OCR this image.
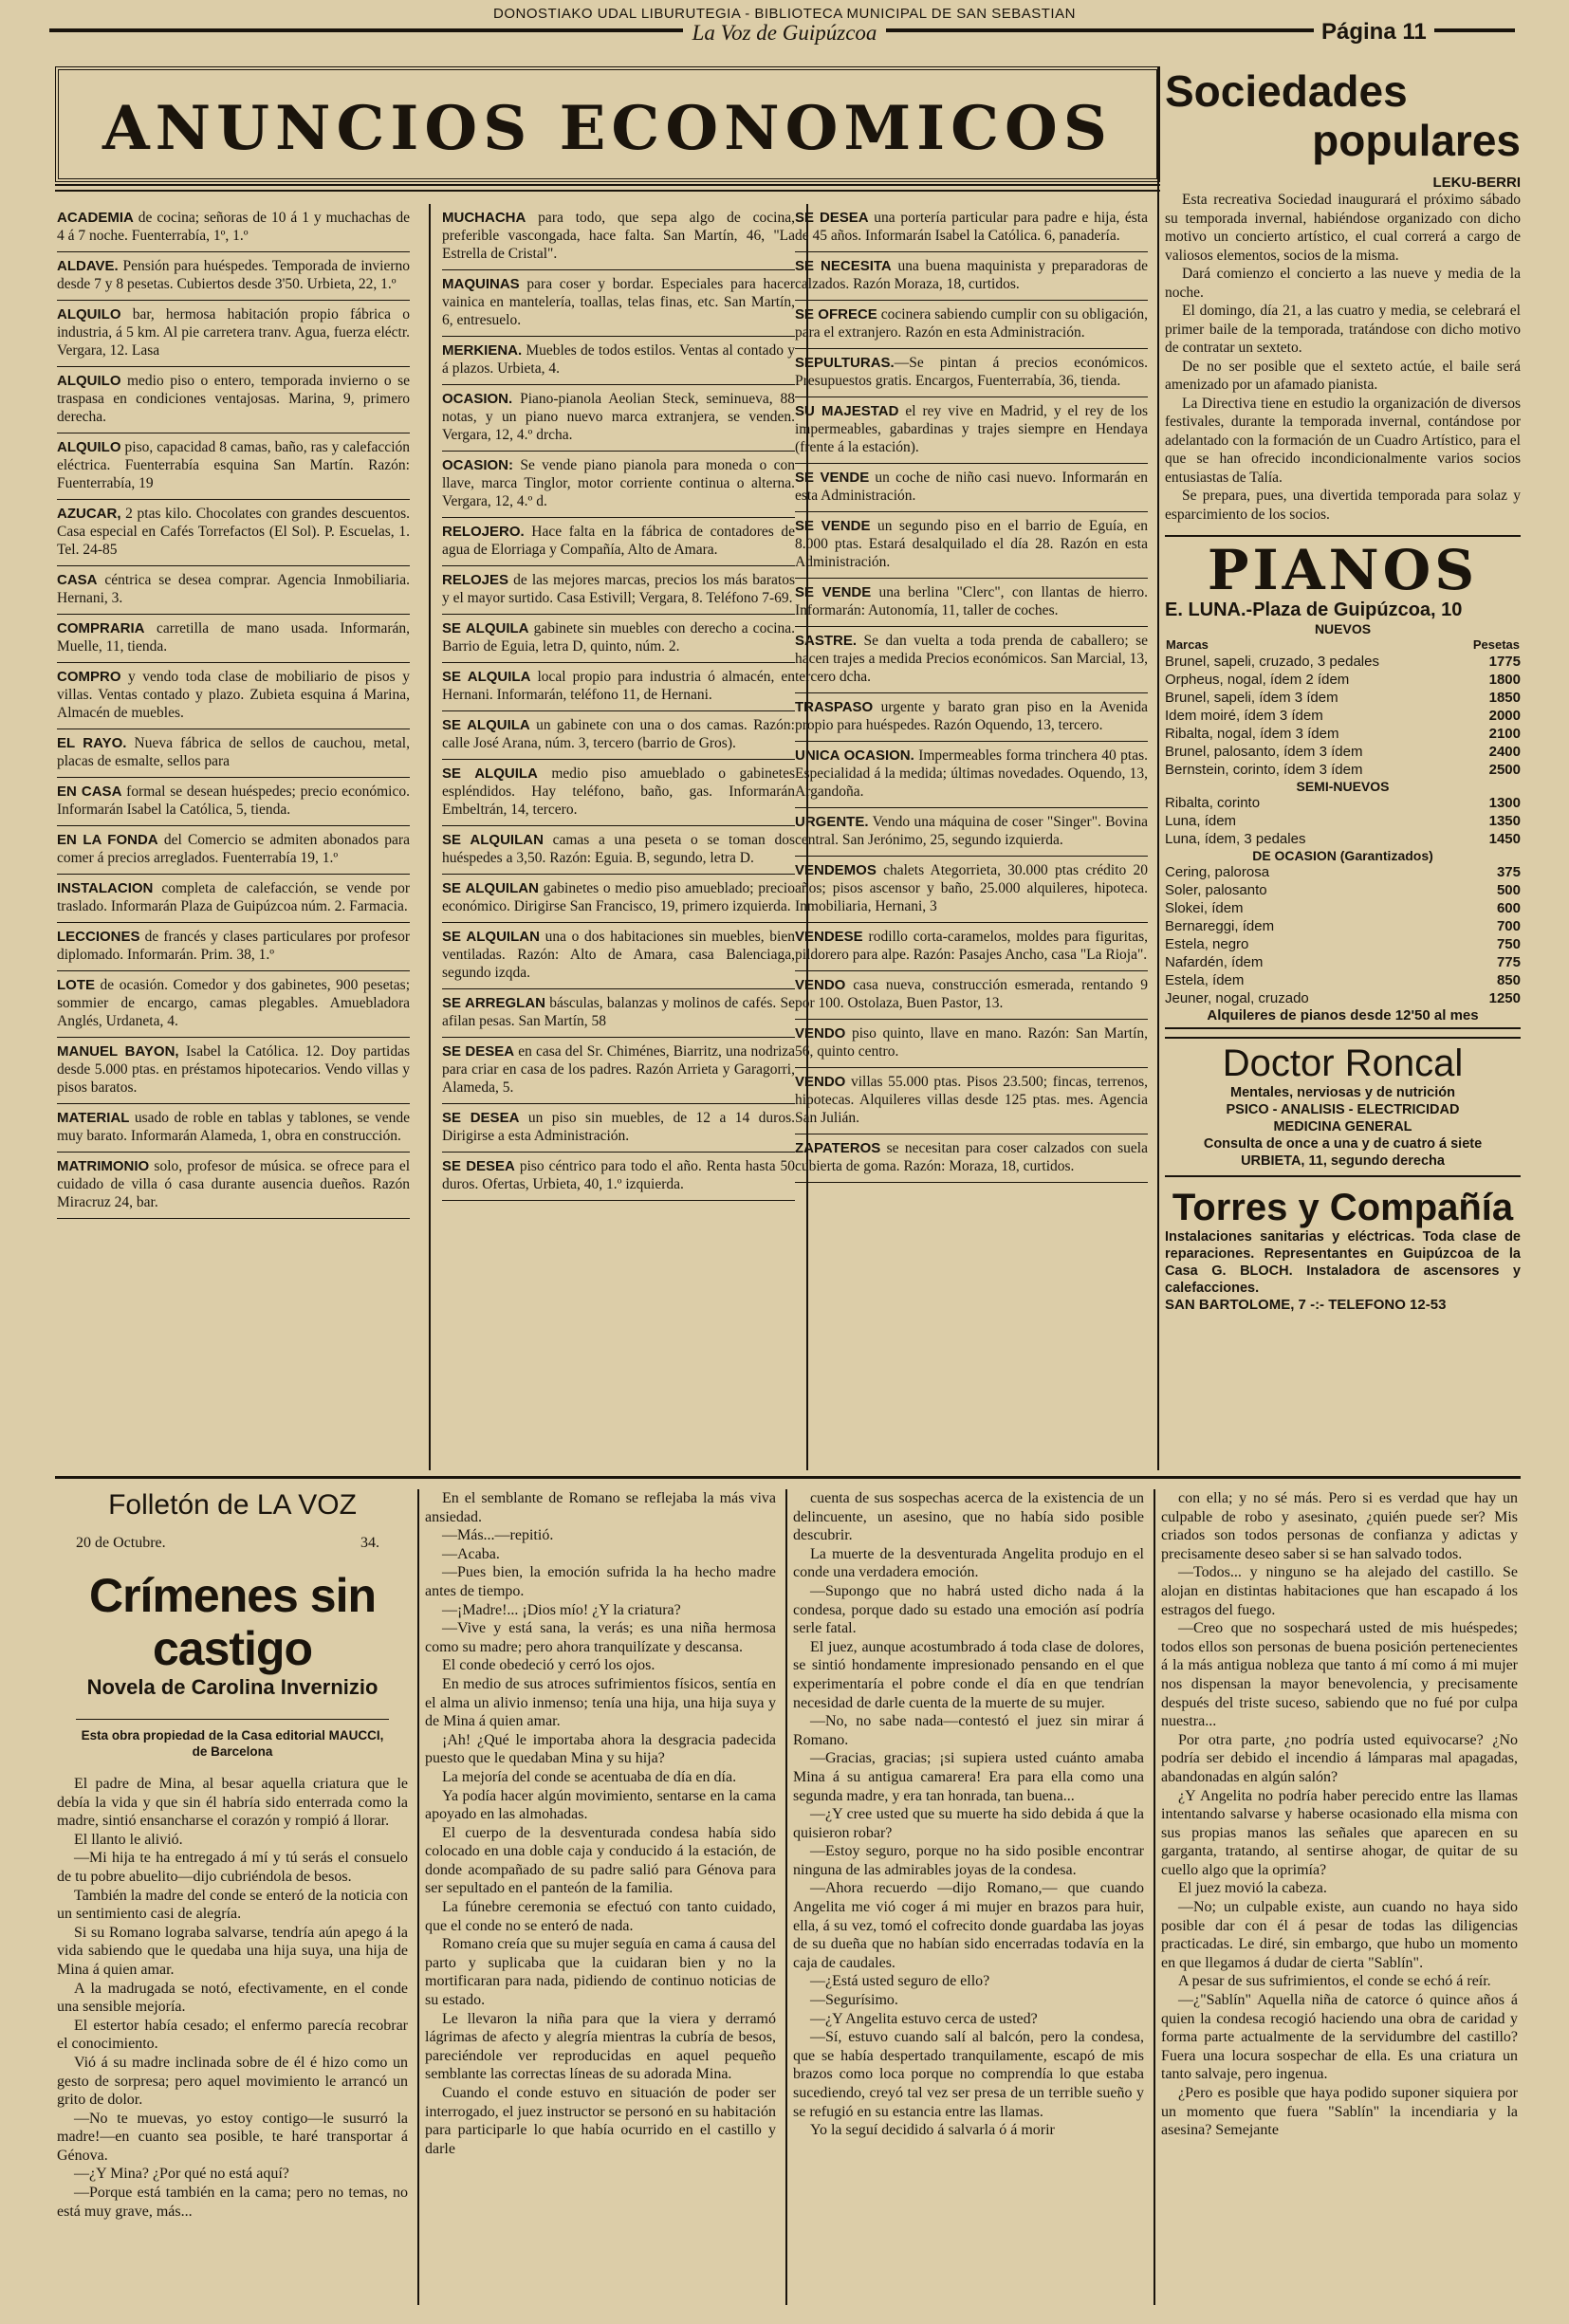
La Voz de Guipúzcoa
DONOSTIAKO UDAL LIBURUTEGIA - BIBLIOTECA MUNICIPAL DE SAN SEBASTIAN
Página 11
ANUNCIOS ECONOMICOS
ACADEMIA de cocina; señoras de 10 á 1 y muchachas de 4 á 7 noche. Fuenterrabía, 1º, 1.º
ALDAVE. Pensión para huéspedes. Temporada de invierno desde 7 y 8 pesetas. Cubiertos desde 3'50. Urbieta, 22, 1.º
ALQUILO bar, hermosa habitación propio fábrica o industria, á 5 km. Al pie carretera tranv. Agua, fuerza eléctr. Vergara, 12. Lasa
ALQUILO medio piso o entero, temporada invierno o se traspasa en condiciones ventajosas. Marina, 9, primero derecha.
ALQUILO piso, capacidad 8 camas, baño, ras y calefacción eléctrica. Fuenterrabía esquina San Martín. Razón: Fuenterrabía, 19
AZUCAR, 2 ptas kilo. Chocolates con grandes descuentos. Casa especial en Cafés Torrefactos (El Sol). P. Escuelas, 1. Tel. 24-85
CASA céntrica se desea comprar. Agencia Inmobiliaria. Hernani, 3.
COMPRARIA carretilla de mano usada. Informarán, Muelle, 11, tienda.
COMPRO y vendo toda clase de mobiliario de pisos y villas. Ventas contado y plazo. Zubieta esquina á Marina, Almacén de muebles.
EL RAYO. Nueva fábrica de sellos de cauchou, metal, placas de esmalte, sellos para
EN CASA formal se desean huéspedes; precio económico. Informarán Isabel la Católica, 5, tienda.
EN LA FONDA del Comercio se admiten abonados para comer á precios arreglados. Fuenterrabía 19, 1.º
INSTALACION completa de calefacción, se vende por traslado. Informarán Plaza de Guipúzcoa núm. 2. Farmacia.
LECCIONES de francés y clases particulares por profesor diplomado. Informarán. Prim. 38, 1.º
LOTE de ocasión. Comedor y dos gabinetes, 900 pesetas; sommier de encargo, camas plegables. Amuebladora Anglés, Urdaneta, 4.
MANUEL BAYON, Isabel la Católica. 12. Doy partidas desde 5.000 ptas. en préstamos hipotecarios. Vendo villas y pisos baratos.
MATERIAL usado de roble en tablas y tablones, se vende muy barato. Informarán Alameda, 1, obra en construcción.
MATRIMONIO solo, profesor de música. se ofrece para el cuidado de villa ó casa durante ausencia dueños. Razón Miracruz 24, bar.
MUCHACHA para todo, que sepa algo de cocina, preferible vascongada, hace falta. San Martín, 46, "La Estrella de Cristal".
MAQUINAS para coser y bordar. Especiales para hacer vainica en mantelería, toallas, telas finas, etc. San Martín, 6, entresuelo.
MERKIENA. Muebles de todos estilos. Ventas al contado y á plazos. Urbieta, 4.
OCASION. Piano-pianola Aeolian Steck, seminueva, 88 notas, y un piano nuevo marca extranjera, se venden. Vergara, 12, 4.º drcha.
OCASION: Se vende piano pianola para moneda o con llave, marca Tinglor, motor corriente continua o alterna. Vergara, 12, 4.º d.
RELOJERO. Hace falta en la fábrica de contadores de agua de Elorriaga y Compañía, Alto de Amara.
RELOJES de las mejores marcas, precios los más baratos y el mayor surtido. Casa Estivill; Vergara, 8. Teléfono 7-69.
SE ALQUILA gabinete sin muebles con derecho a cocina. Barrio de Eguia, letra D, quinto, núm. 2.
SE ALQUILA local propio para industria ó almacén, en Hernani. Informarán, teléfono 11, de Hernani.
SE ALQUILA un gabinete con una o dos camas. Razón: calle José Arana, núm. 3, tercero (barrio de Gros).
SE ALQUILA medio piso amueblado o gabinetes espléndidos. Hay teléfono, baño, gas. Informarán Embeltrán, 14, tercero.
SE ALQUILAN camas a una peseta o se toman dos huéspedes a 3,50. Razón: Eguia. B, segundo, letra D.
SE ALQUILAN gabinetes o medio piso amueblado; precio económico. Dirigirse San Francisco, 19, primero izquierda.
SE ALQUILAN una o dos habitaciones sin muebles, bien ventiladas. Razón: Alto de Amara, casa Balenciaga, segundo izqda.
SE ARREGLAN básculas, balanzas y molinos de cafés. Se afilan pesas. San Martín, 58
SE DESEA en casa del Sr. Chiménes, Biarritz, una nodriza para criar en casa de los padres. Razón Arrieta y Garagorri, Alameda, 5.
SE DESEA un piso sin muebles, de 12 a 14 duros. Dirigirse a esta Administración.
SE DESEA piso céntrico para todo el año. Renta hasta 50 duros. Ofertas, Urbieta, 40, 1.º izquierda.
SE DESEA una portería particular para padre e hija, ésta de 45 años. Informarán Isabel la Católica. 6, panadería.
SE NECESITA una buena maquinista y preparadoras de calzados. Razón Moraza, 18, curtidos.
SE OFRECE cocinera sabiendo cumplir con su obligación, para el extranjero. Razón en esta Administración.
SEPULTURAS.—Se pintan á precios económicos. Presupuestos gratis. Encargos, Fuenterrabía, 36, tienda.
SU MAJESTAD el rey vive en Madrid, y el rey de los impermeables, gabardinas y trajes siempre en Hendaya (frente á la estación).
SE VENDE un coche de niño casi nuevo. Informarán en esta Administración.
SE VENDE un segundo piso en el barrio de Eguía, en 8.000 ptas. Estará desalquilado el día 28. Razón en esta Administración.
SE VENDE una berlina "Clerc", con llantas de hierro. Informarán: Autonomía, 11, taller de coches.
SASTRE. Se dan vuelta a toda prenda de caballero; se hacen trajes a medida Precios económicos. San Marcial, 13, tercero dcha.
TRASPASO urgente y barato gran piso en la Avenida propio para huéspedes. Razón Oquendo, 13, tercero.
UNICA OCASION. Impermeables forma trinchera 40 ptas. Especialidad á la medida; últimas novedades. Oquendo, 13, Argandoña.
URGENTE. Vendo una máquina de coser "Singer". Bovina central. San Jerónimo, 25, segundo izquierda.
VENDEMOS chalets Ategorrieta, 30.000 ptas crédito 20 años; pisos ascensor y baño, 25.000 alquileres, hipoteca. Inmobiliaria, Hernani, 3
VENDESE rodillo corta-caramelos, moldes para figuritas, pildorero para alpe. Razón: Pasajes Ancho, casa "La Rioja".
VENDO casa nueva, construcción esmerada, rentando 9 por 100. Ostolaza, Buen Pastor, 13.
VENDO piso quinto, llave en mano. Razón: San Martín, 56, quinto centro.
VENDO villas 55.000 ptas. Pisos 23.500; fincas, terrenos, hipotecas. Alquileres villas desde 125 ptas. mes. Agencia San Julián.
ZAPATEROS se necesitan para coser calzados con suela cubierta de goma. Razón: Moraza, 18, curtidos.
Sociedades
populares
LEKU-BERRI

Esta recreativa Sociedad inaugurará el próximo sábado su temporada invernal, habiéndose organizado con dicho motivo un concierto artístico, el cual correrá a cargo de valiosos elementos, socios de la misma.

Dará comienzo el concierto a las nueve y media de la noche.

El domingo, día 21, a las cuatro y media, se celebrará el primer baile de la temporada, tratándose con dicho motivo de contratar un sexteto.

De no ser posible que el sexteto actúe, el baile será amenizado por un afamado pianista.

La Directiva tiene en estudio la organización de diversos festivales, durante la temporada invernal, contándose por adelantado con la formación de un Cuadro Artístico, para el que se han ofrecido incondicionalmente varios socios entusiastas de Talía.

Se prepara, pues, una divertida temporada para solaz y esparcimiento de los socios.

PIANOS
E. LUNA.-Plaza de Guipúzcoa, 10
NUEVOS
Marcas	Pesetas
Brunel, sapeli, cruzado, 3 pedales	1775
Orpheus, nogal, ídem 2 ídem	1800
Brunel, sapeli, ídem 3 ídem	1850
Idem moiré, ídem 3 ídem	2000
Ribalta, nogal, ídem 3 ídem	2100
Brunel, palosanto, ídem 3 ídem	2400
Bernstein, corinto, ídem 3 ídem	2500
SEMI-NUEVOS
Ribalta, corinto	1300
Luna, ídem	1350
Luna, ídem, 3 pedales	1450
DE OCASION (Garantizados)
Cering, palorosa	375
Soler, palosanto	500
Slokei, ídem	600
Bernareggi, ídem	700
Estela, negro	750
Nafardén, ídem	775
Estela, ídem	850
Jeuner, nogal, cruzado	1250
Alquileres de pianos desde 12'50 al mes
Doctor Roncal
Mentales, nerviosas y de nutrición
PSICO - ANALISIS - ELECTRICIDAD
MEDICINA GENERAL
Consulta de once a una y de cuatro á siete
URBIETA, 11, segundo derecha
Torres y Compañía
Instalaciones sanitarias y eléctricas. Toda clase de reparaciones. Representantes en Guipúzcoa de la Casa G. BLOCH. Instaladora de ascensores y calefacciones.
SAN BARTOLOME, 7 -:- TELEFONO 12-53
Folletón de LA VOZ
20 de Octubre.	34.
Crímenes sin castigo
Novela de Carolina Invernizio
Esta obra propiedad de la Casa editorial MAUCCI, de Barcelona

El padre de Mina, al besar aquella criatura que le debía la vida y que sin él habría sido enterrada como la madre, sintió ensancharse el corazón y rompió á llorar.

El llanto le alivió.

—Mi hija te ha entregado á mí y tú serás el consuelo de tu pobre abuelito—dijo cubriéndola de besos.

También la madre del conde se enteró de la noticia con un sentimiento casi de alegría.

Si su Romano lograba salvarse, tendría aún apego á la vida sabiendo que le quedaba una hija suya, una hija de Mina á quien amar.

A la madrugada se notó, efectivamente, en el conde una sensible mejoría.

El estertor había cesado; el enfermo parecía recobrar el conocimiento.

Vió á su madre inclinada sobre de él é hizo como un gesto de sorpresa; pero aquel movimiento le arrancó un grito de dolor.

—No te muevas, yo estoy contigo—le susurró la madre!—en cuanto sea posible, te haré transportar á Génova.

—¿Y Mina? ¿Por qué no está aquí?

—Porque está también en la cama; pero no temas, no está muy grave, más...

En el semblante de Romano se reflejaba la más viva ansiedad.

—Más...—repitió.

—Acaba.

—Pues bien, la emoción sufrida la ha hecho madre antes de tiempo.

—¡Madre!... ¡Dios mío! ¿Y la criatura?

—Vive y está sana, la verás; es una niña hermosa como su madre; pero ahora tranquilízate y descansa.

El conde obedeció y cerró los ojos.

En medio de sus atroces sufrimientos físicos, sentía en el alma un alivio inmenso; tenía una hija, una hija suya y de Mina á quien amar.

¡Ah! ¿Qué le importaba ahora la desgracia padecida puesto que le quedaban Mina y su hija?

La mejoría del conde se acentuaba de día en día.

Ya podía hacer algún movimiento, sentarse en la cama apoyado en las almohadas.

El cuerpo de la desventurada condesa había sido colocado en una doble caja y conducido á la estación, de donde acompañado de su padre salió para Génova para ser sepultado en el panteón de la familia.

La fúnebre ceremonia se efectuó con tanto cuidado, que el conde no se enteró de nada.

Romano creía que su mujer seguía en cama á causa del parto y suplicaba que la cuidaran bien y no la mortificaran para nada, pidiendo de continuo noticias de su estado.

Le llevaron la niña para que la viera y derramó lágrimas de afecto y alegría mientras la cubría de besos, pareciéndole ver reproducidas en aquel pequeño semblante las correctas líneas de su adorada Mina.

Cuando el conde estuvo en situación de poder ser interrogado, el juez instructor se personó en su habitación para participarle lo que había ocurrido en el castillo y darle

cuenta de sus sospechas acerca de la existencia de un delincuente, un asesino, que no había sido posible descubrir.

La muerte de la desventurada Angelita produjo en el conde una verdadera emoción.

—Supongo que no habrá usted dicho nada á la condesa, porque dado su estado una emoción así podría serle fatal.

El juez, aunque acostumbrado á toda clase de dolores, se sintió hondamente impresionado pensando en el que experimentaría el pobre conde el día en que tendrían necesidad de darle cuenta de la muerte de su mujer.

—No, no sabe nada—contestó el juez sin mirar á Romano.

—Gracias, gracias; ¡si supiera usted cuánto amaba Mina á su antigua camarera! Era para ella como una segunda madre, y era tan honrada, tan buena...

—¿Y cree usted que su muerte ha sido debida á que la quisieron robar?

—Estoy seguro, porque no ha sido posible encontrar ninguna de las admirables joyas de la condesa.

—Ahora recuerdo —dijo Romano,— que cuando Angelita me vió coger á mi mujer en brazos para huir, ella, á su vez, tomó el cofrecito donde guardaba las joyas de su dueña que no habían sido encerradas todavía en la caja de caudales.

—¿Está usted seguro de ello?

—Segurísimo.

—¿Y Angelita estuvo cerca de usted?

—Sí, estuvo cuando salí al balcón, pero la condesa, que se había despertado tranquilamente, escapó de mis brazos como loca porque no comprendía lo que estaba sucediendo, creyó tal vez ser presa de un terrible sueño y se refugió en su estancia entre las llamas.

Yo la seguí decidido á salvarla ó á morir

con ella; y no sé más. Pero si es verdad que hay un culpable de robo y asesinato, ¿quién puede ser? Mis criados son todos personas de confianza y adictas y precisamente deseo saber si se han salvado todos.

—Todos... y ninguno se ha alejado del castillo. Se alojan en distintas habitaciones que han escapado á los estragos del fuego.

—Creo que no sospechará usted de mis huéspedes; todos ellos son personas de buena posición pertenecientes á la más antigua nobleza que tanto á mí como á mi mujer nos dispensan la mayor benevolencia, y precisamente después del triste suceso, sabiendo que no fué por culpa nuestra...

Por otra parte, ¿no podría usted equivocarse? ¿No podría ser debido el incendio á lámparas mal apagadas, abandonadas en algún salón?

¿Y Angelita no podría haber perecido entre las llamas intentando salvarse y haberse ocasionado ella misma con sus propias manos las señales que aparecen en su garganta, tratando, al sentirse ahogar, de quitar de su cuello algo que la oprimía?

El juez movió la cabeza.

—No; un culpable existe, aun cuando no haya sido posible dar con él á pesar de todas las diligencias practicadas. Le diré, sin embargo, que hubo un momento en que llegamos á dudar de cierta "Sablín".

A pesar de sus sufrimientos, el conde se echó á reír.

—¿"Sablín" Aquella niña de catorce ó quince años á quien la condesa recogió haciendo una obra de caridad y forma parte actualmente de la servidumbre del castillo? Fuera una locura sospechar de ella. Es una criatura un tanto salvaje, pero ingenua.

¿Pero es posible que haya podido suponer siquiera por un momento que fuera "Sablín" la incendiaria y la asesina? Semejante
